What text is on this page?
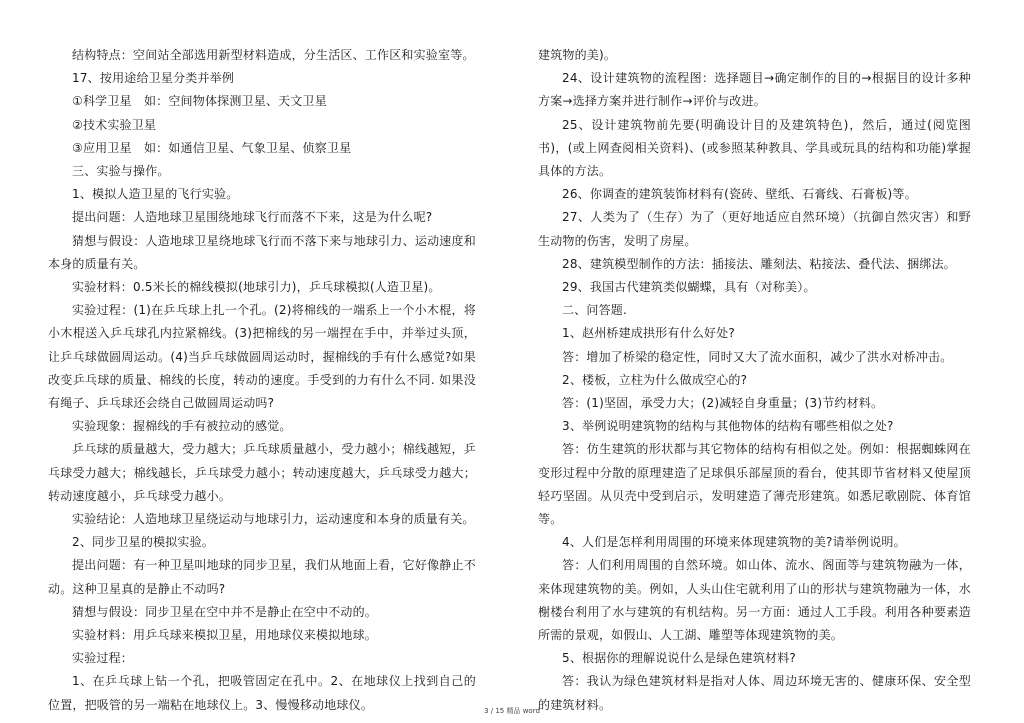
结构特点：空间站全部选用新型材料造成，分生活区、工作区和实验室等。

17、按用途给卫星分类并举例

①科学卫星　如：空间物体探测卫星、天文卫星

②技术实验卫星

③应用卫星　如：如通信卫星、气象卫星、侦察卫星

三、实验与操作。

1、模拟人造卫星的飞行实验。

提出问题：人造地球卫星围绕地球飞行而落不下来，这是为什么呢?

猜想与假设：人造地球卫星绕地球飞行而不落下来与地球引力、运动速度和本身的质量有关。

实验材料：0.5米长的棉线模拟(地球引力)，乒乓球模拟(人造卫星)。

实验过程：(1)在乒乓球上扎一个孔。(2)将棉线的一端系上一个小木棍，将小木棍送入乒乓球孔内拉紧棉线。(3)把棉线的另一端捏在手中，并举过头顶，让乒乓球做圆周运动。(4)当乒乓球做圆周运动时，握棉线的手有什么感觉?如果改变乒乓球的质量、棉线的长度，转动的速度。手受到的力有什么不同. 如果没有绳子、乒乓球还会绕自己做圆周运动吗?

实验现象：握棉线的手有被拉动的感觉。

乒乓球的质量越大，受力越大；乒乓球质量越小，受力越小；棉线越短，乒乓球受力越大；棉线越长，乒乓球受力越小；转动速度越大，乒乓球受力越大；转动速度越小，乒乓球受力越小。

实验结论：人造地球卫星绕运动与地球引力，运动速度和本身的质量有关。

2、同步卫星的模拟实验。

提出问题：有一种卫星叫地球的同步卫星，我们从地面上看，它好像静止不动。这种卫星真的是静止不动吗?

猜想与假设：同步卫星在空中并不是静止在空中不动的。

实验材料：用乒乓球来模拟卫星，用地球仪来模拟地球。

实验过程：

1、在乒乓球上钻一个孔，把吸管固定在孔中。2、在地球仪上找到自己的位置，把吸管的另一端粘在地球仪上。3、慢慢移动地球仪。

建筑物的美)。

24、设计建筑物的流程图：选择题目→确定制作的目的→根据目的设计多种方案→选择方案并进行制作→评价与改进。

25、设计建筑物前先要(明确设计目的及建筑特色)，然后，通过(阅览图书)，(或上网查阅相关资料)、(或参照某种教具、学具或玩具的结构和功能)掌握具体的方法。

26、你调查的建筑装饰材料有(瓷砖、壁纸、石膏线、石膏板)等。

27、人类为了（生存）为了（更好地适应自然环境）（抗御自然灾害）和野生动物的伤害，发明了房屋。

28、建筑模型制作的方法：插接法、雕刻法、粘接法、叠代法、捆绑法。

29、我国古代建筑类似蝴蝶，具有（对称美）。

二、问答题.

1、赵州桥建成拱形有什么好处?

答：增加了桥梁的稳定性，同时又大了流水面积，减少了洪水对桥冲击。

2、楼板，立柱为什么做成空心的?

答：(1)坚固，承受力大；(2)减轻自身重量；(3)节约材料。

3、举例说明建筑物的结构与其他物体的结构有哪些相似之处?

答：仿生建筑的形状都与其它物体的结构有相似之处。例如：根据蜘蛛网在变形过程中分散的原理建造了足球俱乐部屋顶的看台，使其即节省材料又使屋顶轻巧坚固。从贝壳中受到启示，发明建造了薄壳形建筑。如悉尼歌剧院、体育馆等。

4、人们是怎样利用周围的环境来体现建筑物的美?请举例说明。

答：人们利用周围的自然环境。如山体、流水、阁面等与建筑物融为一体，来体现建筑物的美。例如，人头山住宅就利用了山的形状与建筑物融为一体，水榭楼台利用了水与建筑的有机结构。另一方面：通过人工手段。利用各种要素造所需的景观，如假山、人工湖、雕塑等体现建筑物的美。

5、根据你的理解说说什么是绿色建筑材料?

答：我认为绿色建筑材料是指对人体、周边环境无害的、健康环保、安全型的建筑材料。

3 / 15 精品 word
